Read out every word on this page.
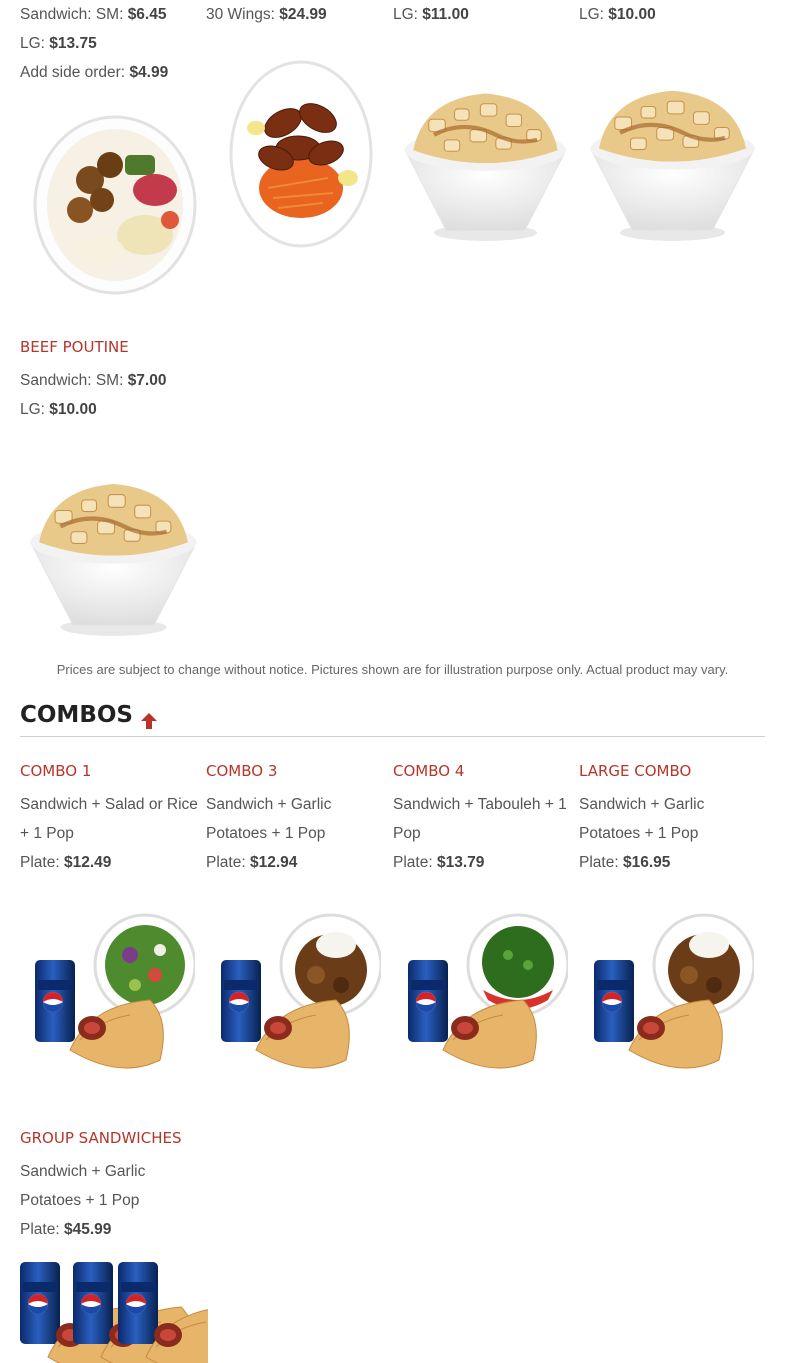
Sandwich: SM: $6.45
LG: $13.75
Add side order: $4.99
30 Wings: $24.99	LG: $11.00	LG: $10.00
BEEF POUTINE
Sandwich: SM: $7.00
LG: $10.00
Prices are subject to change without notice. Pictures shown are for illustration purpose only. Actual product may vary.
COMBOS
COMBO 1
Sandwich + Salad or Rice
+ 1 Pop
Plate: $12.49
COMBO 3
Sandwich + Garlic
Potatoes + 1 Pop
Plate: $12.94
COMBO 4
Sandwich + Tabouleh + 1
Pop
Plate: $13.79
LARGE COMBO
Sandwich + Garlic
Potatoes + 1 Pop
Plate: $16.95
GROUP SANDWICHES
Sandwich + Garlic
Potatoes + 1 Pop
Plate: $45.99
